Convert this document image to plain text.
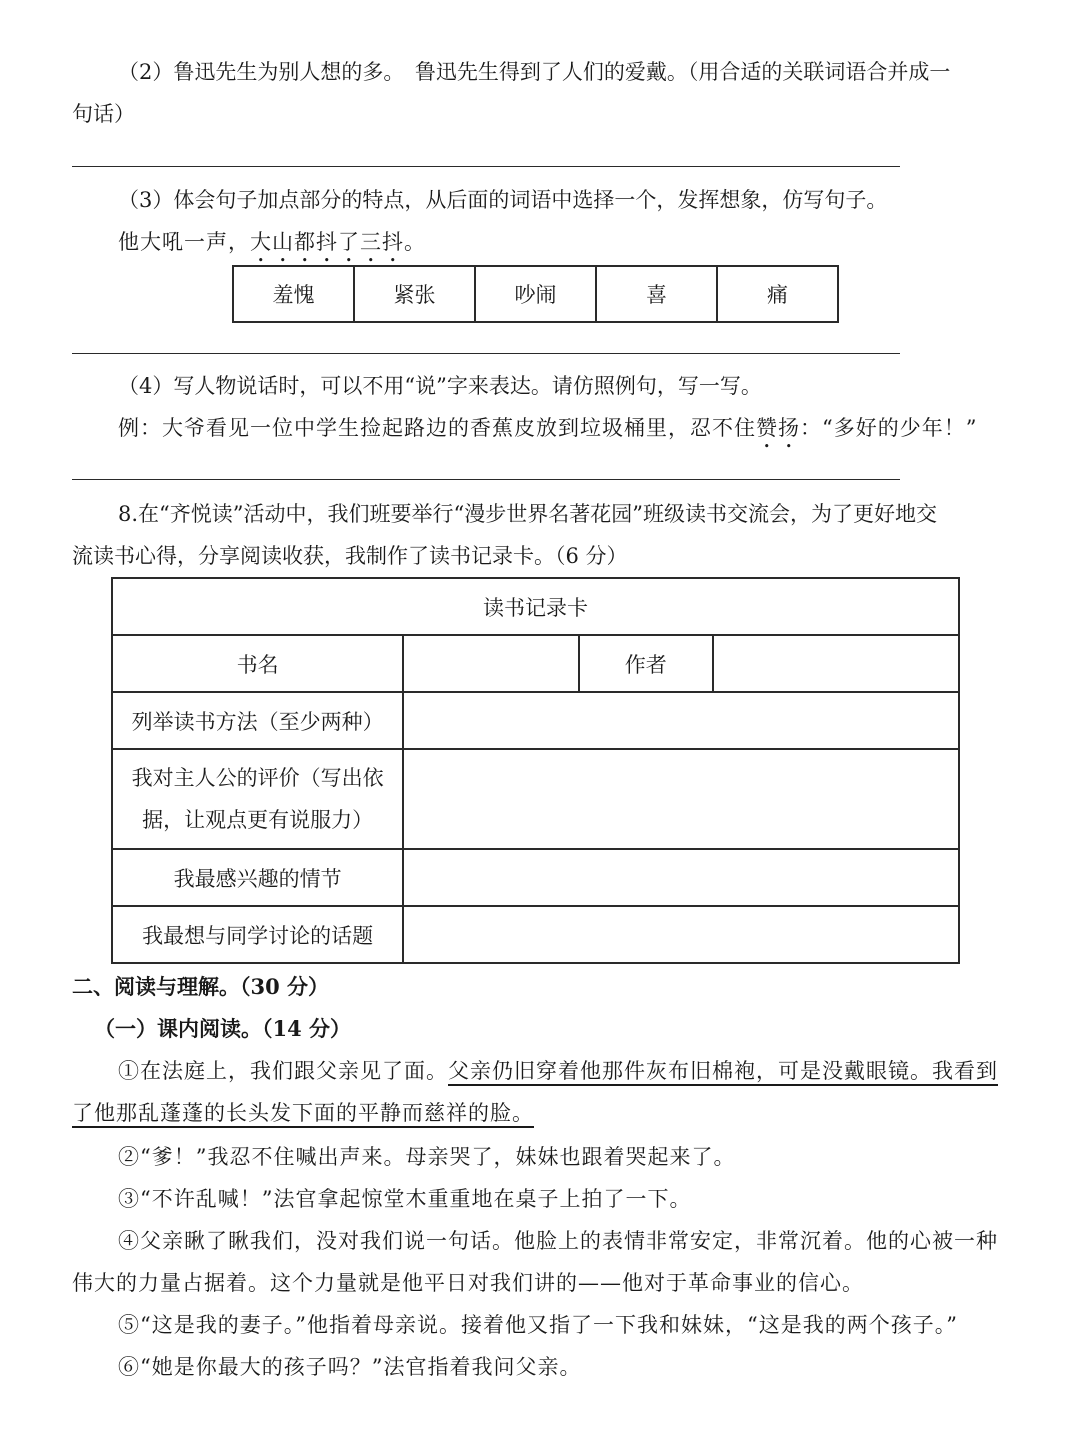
（2）鲁迅先生为别人想的多。　鲁迅先生得到了人们的爱戴。（用合适的关联词语合并成一
句话）
（3）体会句子加点部分的特点，从后面的词语中选择一个，发挥想象，仿写句子。
他大吼一声，大山都抖了三抖。
羞愧	紧张	吵闹	喜	痛
（4）写人物说话时，可以不用“说”字来表达。请仿照例句，写一写。
例：大爷看见一位中学生捡起路边的香蕉皮放到垃圾桶里，忍不住赞扬：“多好的少年！”
8.在“齐悦读”活动中，我们班要举行“漫步世界名著花园”班级读书交流会，为了更好地交
流读书心得，分享阅读收获，我制作了读书记录卡。（6 分）
读书记录卡			
书名		作者	
列举读书方法（至少两种）			
我对主人公的评价（写出依
据，让观点更有说服力）			
我最感兴趣的情节			
我最想与同学讨论的话题			
二、阅读与理解。（30 分）
（一）课内阅读。（14 分）
①在法庭上，我们跟父亲见了面。父亲仍旧穿着他那件灰布旧棉袍，可是没戴眼镜。我看到
了他那乱蓬蓬的长头发下面的平静而慈祥的脸。
②“爹！”我忍不住喊出声来。母亲哭了，妹妹也跟着哭起来了。
③“不许乱喊！”法官拿起惊堂木重重地在桌子上拍了一下。
④父亲瞅了瞅我们，没对我们说一句话。他脸上的表情非常安定，非常沉着。他的心被一种
伟大的力量占据着。这个力量就是他平日对我们讲的——他对于革命事业的信心。
⑤“这是我的妻子。”他指着母亲说。接着他又指了一下我和妹妹，“这是我的两个孩子。”
⑥“她是你最大的孩子吗？”法官指着我问父亲。
